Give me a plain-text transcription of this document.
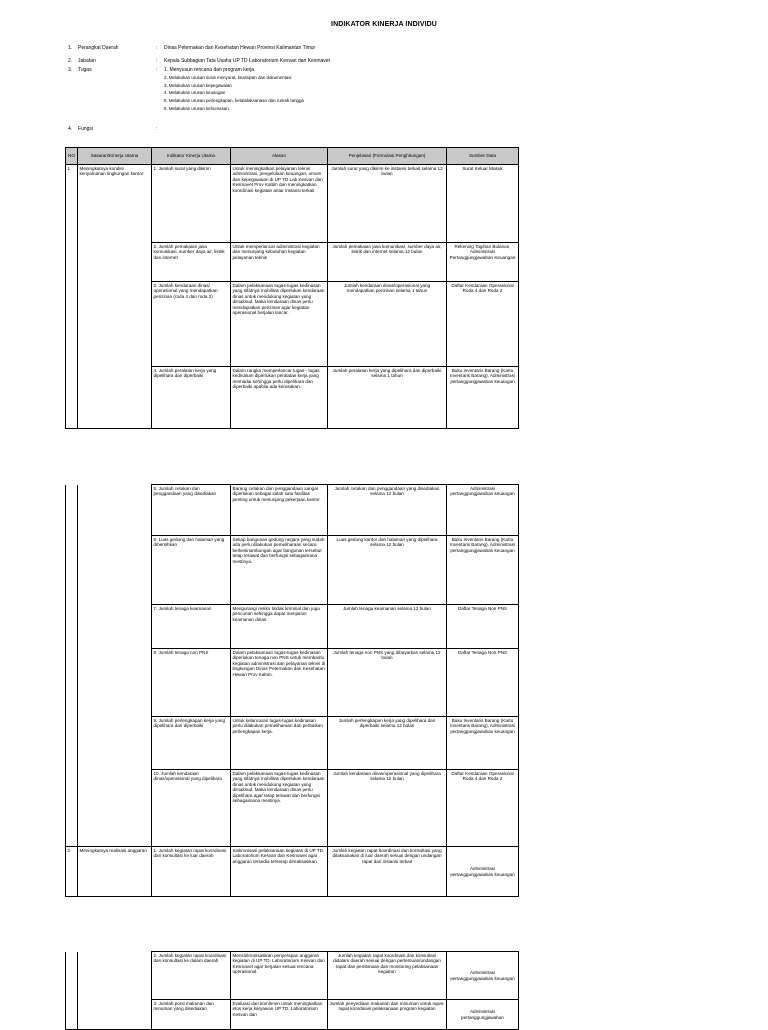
INDIKATOR KINERJA INDIVIDU
1.	Perangkat Daerah	: Dinas Peternakan dan Kesehatan Hewan Provinsi Kalimantan Timur
2.	Jabatan	: Kepala Subbagian Tata Usaha UP TD Laboratorium Kesvan dan Kesmavet
3.	Tugas	: 1. Menyusun rencana dan program kerja
2. Melakukan urusan surat menyurat, kearsipan dan dokumentasi
3. Melakukan urusan kepegawaian
4. Melakukan urusan keuangan
5. Melakukan urusan perlengkapan, ketatalaksanaan dan rumah tangga
6. Melakukan urusan kehumasan.
4.	Fungsi	:
NO	Sasaran/Kinerja Utama	Indikator Kinerja Utama	Alasan	Penjelasan (Formulasi Penghitungan)	Sumber Data
1	Meningkatnya kondisi kenyamanan lingkungan kantor	1. Jumlah surat yang dikirim	Untuk meningkatkan pelayanan teknis administrasi, pengelolaan keuangan, umum dan kepegawaian di UP TD Lab Kesvan dan Kesmavet Prov Kaltim dan meningkatkan koordinasi kegiatan antar instansi terkait	Jumlah surat yang dikirim ke instansi terkait selama 12 bulan	Surat Keluar Masuk
		2. Jumlah pemakaian jasa komunikasi, sumber daya air, listrik dan internet	Untuk memperlancar administrasi kegiatan dan menunjang kebutuhan kegiatan pelayanan teknis	Jumlah pemakaian jasa komunikasi, sumber daya air, listrik dan internet selama 12 bulan	Rekening Tagihan Bulanan, Administrasi Pertanggungjawaban Keuangan
		3. Jumlah kendaraan dinas/ operasional yang mendapatkan perizinan (roda 4 dan roda 2)	Dalam pelaksanaan tugas-tugas kedinasan yang sifatnya mobilitas diperlukan kendaraan dinas untuk mendukung kegiatan yang dimaksud. Maka kendaraan dinas perlu mendapatkan perizinan agar kegiatan operasional berjalan lancar.	Jumlah kendaraan dinas/operasional yang mendapatkan perizinan selama 1 tahun	Daftar Kendaraan Operasional Roda 4 dan Roda 2
		4. Jumlah peralatan kerja yang dipelihara dan diperbaiki	Dalam rangka memperlancar tugas - tugas kedinasan diperlukan peralatan kerja yang memadai sehingga perlu dipelihara dan diperbaiki apabila ada kerusakan.	Jumlah peralatan kerja yang dipelihara dan diperbaiki selama 1 tahun	Buku Inventaris Barang (Kartu Inventaris Barang), Administrasi pertanggungjawaban keuangan
		5. Jumlah cetakan dan penggandaan yang disediakan	Barang cetakan dan penggandaan sangat diperlukan sebagai salah satu fasilitas penting untuk menunjang pekerjaan kantor.	Jumlah cetakan dan penggandaan yang disediakan selama 12 bulan	Administrasi pertanggungjawaban keuangan
		6. Luas gedung dan halaman yang dibersihkan	Setiap bangunan gedung negara yang sudah ada perlu dilakukan pemeliharaan secara berkesinambungan agar bangunan tersebut tetap terawat dan berfungsi sebagaimana mestinya.	Luas gedung kantor dan halaman yang dipelihara selama 12 bulan	Buku Inventaris Barang (Kartu Inventaris Barang), Administrasi pertanggungjawaban keuangan
		7. Jumlah tenaga keamanan	Mengurangi resiko tindak kriminal dan juga pencurian sehingga dapat menjamin keamanan dinas.	Jumlah tenaga keamanan selama 12 bulan	Daftar Tenaga Non PNS
		8. Jumlah tenaga non PNS	Dalam pelaksanaan tugas-tugas kedinasan diperlukan tenaga non PNS untuk membantu kegiatan administrasi dan pelayanan teknis di lingkungan Dinas Peternakan dan Kesehatan Hewan Prov Kaltim.	Jumlah tenaga non PNS yang dibayarkan selama 12 bulan	Daftar Tenaga Non PNS
		9. Jumlah perlengkapan kerja yang dipelihara dan diperbaiki	Untuk kelancaran tugas-tugas kedinasan perlu dilakukan pemeliharaan dan perbaikan perlengkapan kerja.	Jumlah perlengkapan kerja yang dipelihara dan diperbaiki selama 12 bulan	Buku Inventaris Barang (Kartu Inventaris Barang), Administrasi pertanggungjawaban keuangan
		10. Jumlah kendaraan dinas/operasional yang dipelihara	Dalam pelaksanaan tugas-tugas kedinasan yang sifatnya mobilitas diperlukan kendaraan dinas untuk mendukung kegiatan yang dimaksud. Maka kendaraan dinas perlu dipelihara agar tetap terawat dan berfungsi sebagaimana mestinya.	Jumlah kendaraan dinas/operasional yang dipelihara selama 12 bulan	Daftar Kendaraan Operasional Roda 4 dan Roda 2
2	Meningkatnya realisasi anggaran	1. Jumlah kegiatan rapat koordinasi dan konsultasi ke luar daerah	Sinkronisasi pelaksanaan kegiatan di UP TD. Laboratorium Kesvan dan Kesmavet agar anggaran tersedia terserap direalisasikan.	Jumlah kegiatan rapat koordinasi dan konsultasi yang dilaksanakan di luar daerah sesuai dengan undangan rapat dari instansi terkait	Administrasi pertanggungjawaban keuangan
		2. Jumlah kegiatan rapat koordinasi dan konsultasi ke dalam daerah	Mensinkronisasikan penyerapan anggaran kegiatan di UP TD. Laboratorium Kesvan dan Kesmavet agar berjalan sesuai rencana operasional.	Jumlah kegiatan rapat koordinasi dan konsultasi didalam daerah sesuai dengan pertemuan/undangan rapat dan pembinaan dan monitoring pelaksanaan kegiatan	Administrasi pertanggungjawaban keuangan
		3. Jumlah porsi makanan dan minuman yang disediakan	Evaluasi dan komitmen untuk meningkatkan etos kerja karyawan UP TD. Laboratorium Kesvan dan	Jumlah penyediaan makanan dan minuman untuk rapat-rapat koordinasi pelaksanaan program kegiatan	Administrasi pertanggungjawaban
